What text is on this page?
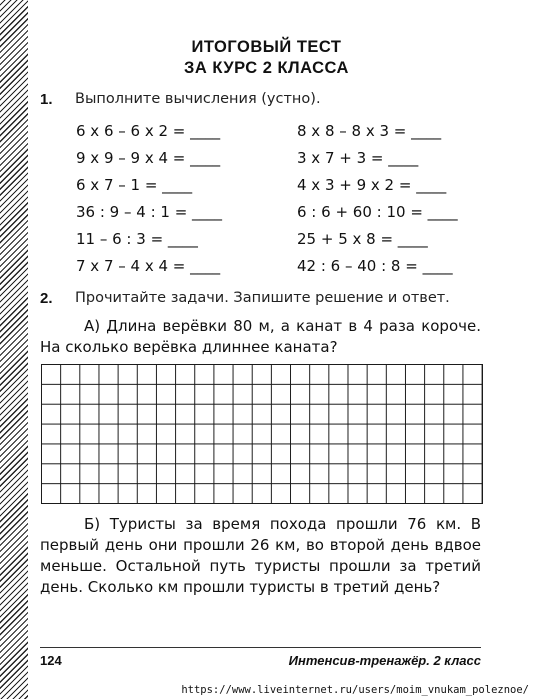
ИТОГОВЫЙ ТЕСТ
ЗА КУРС 2 КЛАССА
1. Выполните вычисления (устно).
6 x 6 – 6 x 2 = ____
9 x 9 – 9 x 4 = ____
6 x 7 – 1 = ____
36 : 9 – 4 : 1 = ____
11 – 6 : 3 = ____
7 x 7 – 4 x 4 = ____
8 x 8 – 8 x 3 = ____
3 x 7 + 3 = ____
4 x 3 + 9 x 2 = ____
6 : 6 + 60 : 10 = ____
25 + 5 x 8 = ____
42 : 6 – 40 : 8 = ____
2. Прочитайте задачи. Запишите решение и ответ.

А) Длина верёвки 80 м, а канат в 4 раза короче. На сколько верёвка длиннее каната?

Б) Туристы за время похода прошли 76 км. В первый день они прошли 26 км, во второй день вдвое меньше. Остальной путь туристы прошли за третий день. Сколько км прошли туристы в третий день?

124	Интенсив-тренажёр. 2 класс
https://www.liveinternet.ru/users/moim_vnukam_poleznoe/
